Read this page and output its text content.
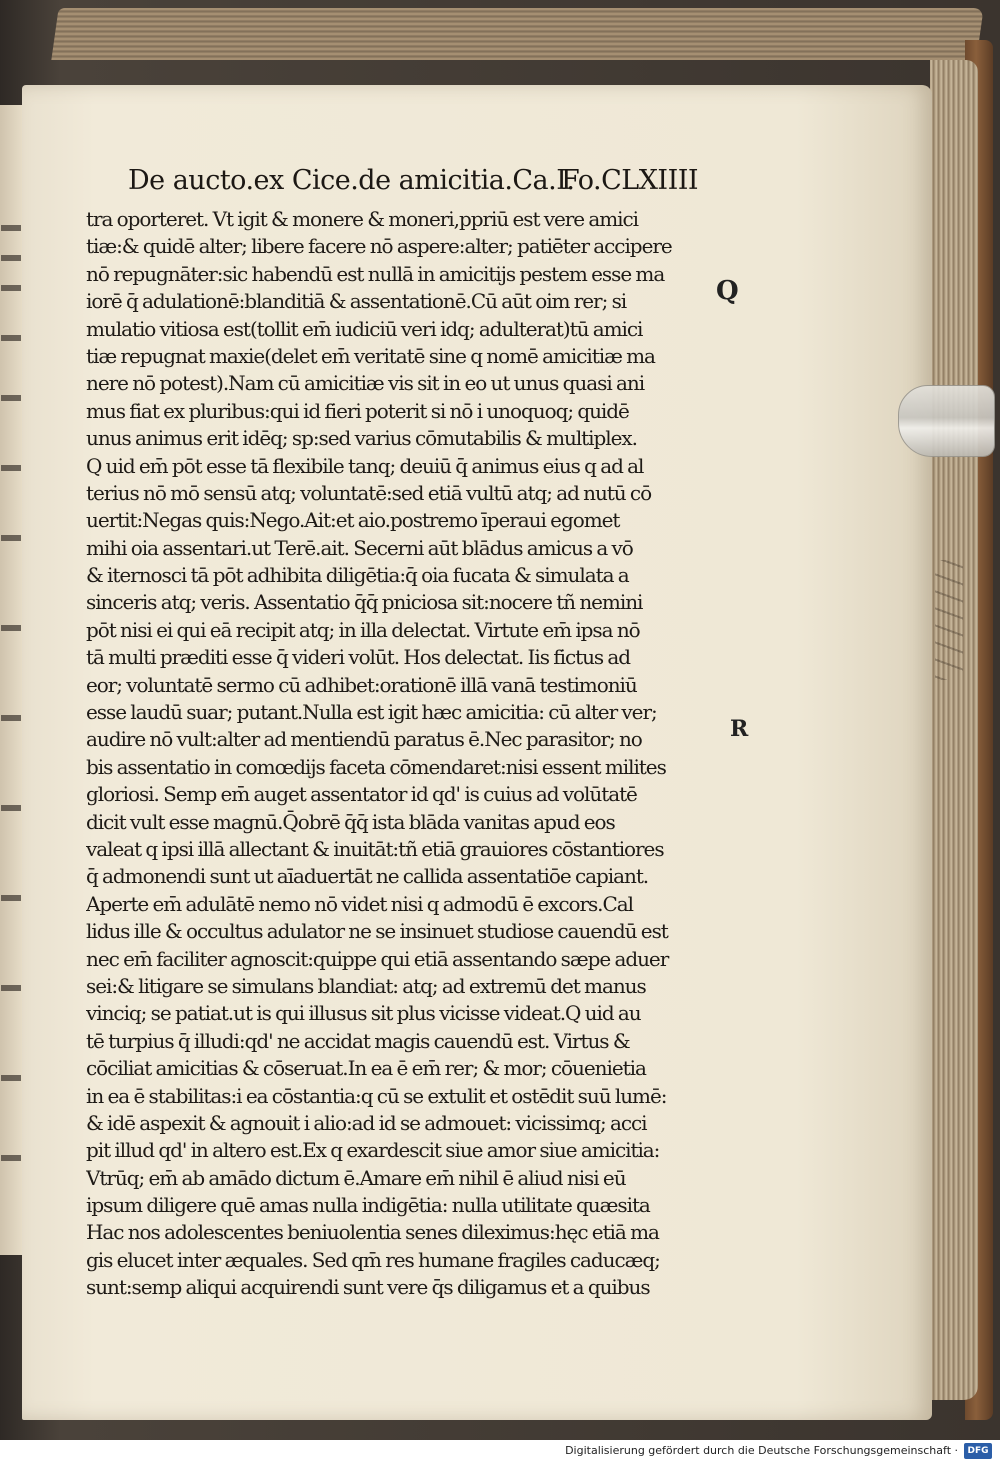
De aucto.ex Cice.de amicitia.Ca.I.
Fo.CLXIIII
tra oporteret. Vt igit & monere & moneri,ppriū est vere amici
tiæ:& quidē alter; libere facere nō aspere:alter; patiēter accipere
nō repugnāter:sic habendū est nullā in amicitijs pestem esse ma
iorē q̄ adulationē:blanditiā & assentationē.Cū aūt oim rer; si
mulatio vitiosa est(tollit em̄ iudiciū veri idq; adulterat)tū amici
tiæ repugnat maxie(delet em̄ veritatē sine q nomē amicitiæ ma
nere nō potest).Nam cū amicitiæ vis sit in eo ut unus quasi ani
mus fiat ex pluribus:qui id fieri poterit si nō i unoquoq; quidē
unus animus erit idēq; sp:sed varius cōmutabilis & multiplex.
Q uid em̄ pōt esse tā flexibile tanq; deuiū q̄ animus eius q ad al
terius nō mō sensū atq; voluntatē:sed etiā vultū atq; ad nutū cō
uertit:Negas quis:Nego.Ait:et aio.postremo īperaui egomet
mihi oia assentari.ut Terē.ait. Secerni aūt blādus amicus a vō
& iternosci tā pōt adhibita diligētia:q̄ oia fucata & simulata a
sinceris atq; veris. Assentatio q̄q̄ pniciosa sit:nocere tñ nemini
pōt nisi ei qui eā recipit atq; in illa delectat. Virtute em̄ ipsa nō
tā multi præditi esse q̄ videri volūt. Hos delectat. Iis fictus ad
eor; voluntatē sermo cū adhibet:orationē illā vanā testimoniū
esse laudū suar; putant.Nulla est igit hæc amicitia: cū alter ver;
audire nō vult:alter ad mentiendū paratus ē.Nec parasitor; no
bis assentatio in comœdijs faceta cōmendaret:nisi essent milites
gloriosi. Semp em̄ auget assentator id qd' is cuius ad volūtatē
dicit vult esse magnū.Q̄obrē q̄q̄ ista blāda vanitas apud eos
valeat q ipsi illā allectant & inuitāt:tñ etiā grauiores cōstantiores
q̄ admonendi sunt ut aīaduertāt ne callida assentatiōe capiant.
Aperte em̄ adulātē nemo nō videt nisi q admodū ē excors.Cal
lidus ille & occultus adulator ne se insinuet studiose cauendū est
nec em̄ faciliter agnoscit:quippe qui etiā assentando sæpe aduer
sei:& litigare se simulans blandiat: atq; ad extremū det manus
vinciq; se patiat.ut is qui illusus sit plus vicisse videat.Q uid au
tē turpius q̄ illudi:qd' ne accidat magis cauendū est. Virtus &
cōciliat amicitias & cōseruat.In ea ē em̄ rer; & mor; cōuenietia
in ea ē stabilitas:i ea cōstantia:q cū se extulit et ostēdit suū lumē:
& idē aspexit & agnouit i alio:ad id se admouet: vicissimq; acci
pit illud qd' in altero est.Ex q exardescit siue amor siue amicitia:
Vtrūq; em̄ ab amādo dictum ē.Amare em̄ nihil ē aliud nisi eū
ipsum diligere quē amas nulla indigētia: nulla utilitate quæsita
Hac nos adolescentes beniuolentia senes dileximus:hęc etiā ma
gis elucet inter æquales. Sed qm̄ res humane fragiles caducæq;
sunt:semp aliqui acquirendi sunt vere q̄s diligamus et a quibus
Q
R
Digitalisierung gefördert durch die Deutsche Forschungsgemeinschaft ·	DFG
